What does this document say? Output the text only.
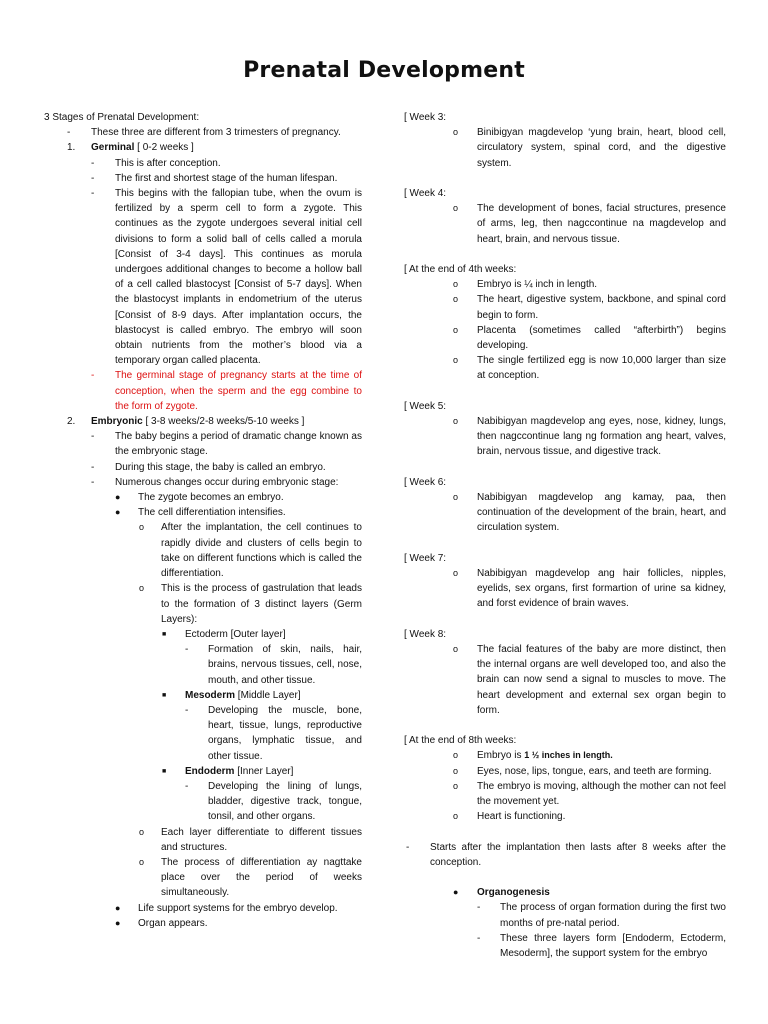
Prenatal Development
3 Stages of Prenatal Development:
- These three are different from 3 trimesters of pregnancy.
1. Germinal [ 0-2 weeks ]
- This is after conception.
- The first and shortest stage of the human lifespan.
- This begins with the fallopian tube, when the ovum is fertilized by a sperm cell to form a zygote. This continues as the zygote undergoes several initial cell divisions to form a solid ball of cells called a morula [Consist of 3-4 days]. This continues as morula undergoes additional changes to become a hollow ball of a cell called blastocyst [Consist of 5-7 days]. When the blastocyst implants in endometrium of the uterus [Consist of 8-9 days. After implantation occurs, the blastocyst is called embryo. The embryo will soon obtain nutrients from the mother’s blood via a temporary organ called placenta.
- The germinal stage of pregnancy starts at the time of conception, when the sperm and the egg combine to the form of zygote.
2. Embryonic [ 3-8 weeks/2-8 weeks/5-10 weeks ]
- The baby begins a period of dramatic change known as the embryonic stage.
- During this stage, the baby is called an embryo.
- Numerous changes occur during embryonic stage:
● The zygote becomes an embryo.
● The cell differentiation intensifies.
o After the implantation, the cell continues to rapidly divide and clusters of cells begin to take on different functions which is called the differentiation.
o This is the process of gastrulation that leads to the formation of 3 distinct layers (Germ Layers):
■ Ectoderm [Outer layer]
- Formation of skin, nails, hair, brains, nervous tissues, cell, nose, mouth, and other tissue.
■ Mesoderm [Middle Layer]
- Developing the muscle, bone, heart, tissue, lungs, reproductive organs, lymphatic tissue, and other tissue.
■ Endoderm [Inner Layer]
- Developing the lining of lungs, bladder, digestive track, tongue, tonsil, and other organs.
o Each layer differentiate to different tissues and structures.
o The process of differentiation ay nagttake place over the period of weeks simultaneously.
● Life support systems for the embryo develop.
● Organ appears.
[ Week 3:
o Binibigyan magdevelop ‘yung brain, heart, blood cell, circulatory system, spinal cord, and the digestive system.
[ Week 4:
o The development of bones, facial structures, presence of arms, leg, then nagccontinue na magdevelop and heart, brain, and nervous tissue.
[ At the end of 4th weeks:
o Embryo is ¼ inch in length.
o The heart, digestive system, backbone, and spinal cord begin to form.
o Placenta (sometimes called “afterbirth”) begins developing.
o The single fertilized egg is now 10,000 larger than size at conception.
[ Week 5:
o Nabibigyan magdevelop ang eyes, nose, kidney, lungs, then nagccontinue lang ng formation ang heart, valves, brain, nervous tissue, and digestive track.
[ Week 6:
o Nabibigyan magdevelop ang kamay, paa, then continuation of the development of the brain, heart, and circulation system.
[ Week 7:
o Nabibigyan magdevelop ang hair follicles, nipples, eyelids, sex organs, first formartion of urine sa kidney, and forst evidence of brain waves.
[ Week 8:
o The facial features of the baby are more distinct, then the internal organs are well developed too, and also the brain can now send a signal to muscles to move. The heart development and external sex organ begin to form.
[ At the end of 8th weeks:
o Embryo is 1 ½ inches in length.
o Eyes, nose, lips, tongue, ears, and teeth are forming.
o The embryo is moving, although the mother can not feel the movement yet.
o Heart is functioning.
- Starts after the implantation then lasts after 8 weeks after the conception.
● Organogenesis
- The process of organ formation during the first two months of pre-natal period.
- These three layers form [Endoderm, Ectoderm, Mesoderm], the support system for the embryo
